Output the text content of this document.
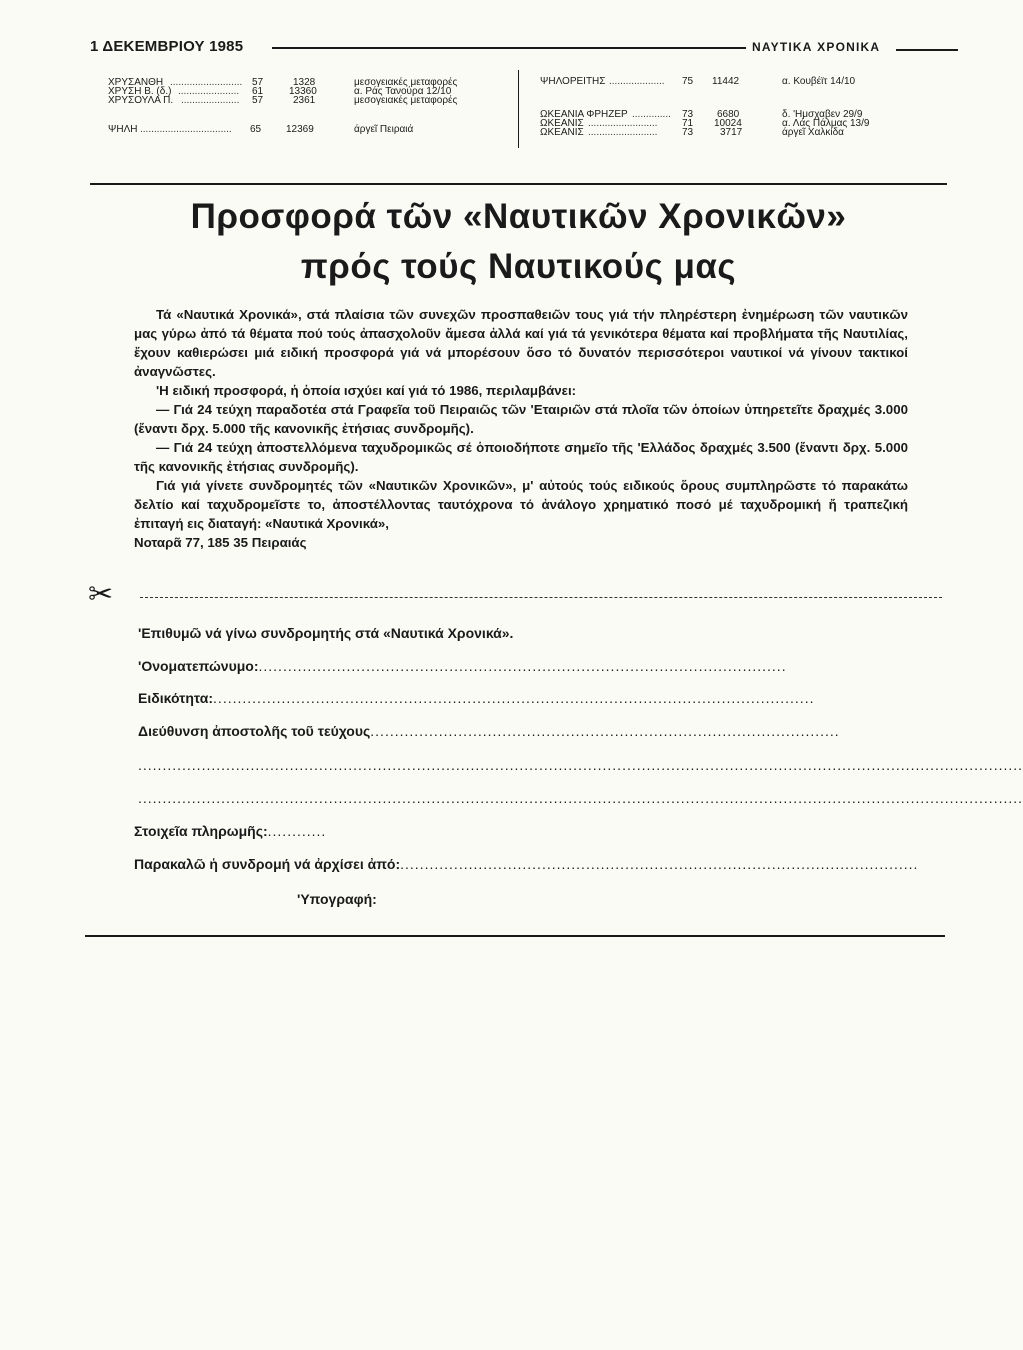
1 ΔΕΚΕΜΒΡΙΟΥ 1985	ΝΑΥΤΙΚΑ ΧΡΟΝΙΚΑ
ΧΡΥΣΑΝΘΗ .......................... 57	1328	μεσογειακές μεταφορές
ΧΡΥΣΗ Β. (δ.) ...................... 61	13360	α. Ράς Τανούρα 12/10
ΧΡΥΣΟΥΛΑ Π. ..................... 57	2361	μεσογειακές μεταφορές
ΨΗΛΗ ................................. 65 12369	άργεῖ Πειραιά
ΨΗΛΟΡΕΙΤΗΣ .................... 75 11442	α. Κουβέϊτ 14/10
ΩΚΕΑΝΙΑ ΦΡΗΖΕΡ .............. 73 6680	δ. 'Ημσχαβεν 29/9
ΩΚΕΑΝΙΣ ......................... 71 10024	α. Λάς Πάλμας 13/9
ΩΚΕΑΝΙΣ ......................... 73	3717	άργεῖ Χαλκίδα
Προσφορά τῶν «Ναυτικῶν Χρονικῶν»
πρός τούς Ναυτικούς μας

Τά «Ναυτικά Χρονικά», στά πλαίσια τῶν συνεχῶν προσπαθειῶν τους γιά τήν πληρέστερη ἐνημέρωση τῶν ναυτικῶν μας γύρω ἀπό τά θέματα πού τούς ἀπασχολοῦν ἄμεσα ἀλλά καί γιά τά γενικότερα θέματα καί προβλήματα τῆς Ναυτιλίας, ἔχουν καθιερώσει μιά ειδική προσφορά γιά νά μπορέσουν ὅσο τό δυνατόν περισσότεροι ναυτικοί νά γίνουν τακτικοί ἀναγνῶστες.

'Η ειδική προσφορά, ἡ ὁποία ισχύει καί γιά τό 1986, περιλαμβάνει:

— Γιά 24 τεύχη παραδοτέα στά Γραφεῖα τοῦ Πειραιῶς τῶν 'Εταιριῶν στά πλοῖα τῶν ὁποίων ὑπηρετεῖτε δραχμές 3.000 (ἔναντι δρχ. 5.000 τῆς κανονικῆς ἐτήσιας συνδρομῆς).

— Γιά 24 τεύχη ἀποστελλόμενα ταχυδρομικῶς σέ ὁποιοδήποτε σημεῖο τῆς 'Ελλάδος δραχμές 3.500 (ἔναντι δρχ. 5.000 τῆς κανονικῆς ἐτήσιας συνδρομῆς).

Γιά γιά γίνετε συνδρομητές τῶν «Ναυτικῶν Χρονικῶν», μ' αὐτούς τούς ειδικούς ὅρους συμπληρῶστε τό παρακάτω δελτίο καί ταχυδρομεῖστε το, ἀποστέλλοντας ταυτόχρονα τό ἀνάλογο χρηματικό ποσό μέ ταχυδρομική ἤ τραπεζική ἐπιταγή εις διαταγή: «Ναυτικά Χρονικά»,

Νοταρᾶ 77, 185 35 Πειραιάς

✂
'Επιθυμῶ νά γίνω συνδρομητής στά «Ναυτικά Χρονικά».
'Ονοματεπώνυμο:............................................................................................................
Ειδικότητα:...........................................................................................................................
Διεύθυνση ἀποστολῆς τοῦ τεύχους................................................................................................
.....................................................................................................................................................................................
.....................................................................................................................................................................................
Στοιχεῖα πληρωμῆς:............
Παρακαλῶ ἡ συνδρομή νά ἀρχίσει ἀπό:..........................................................................................................
'Υπογραφή:
